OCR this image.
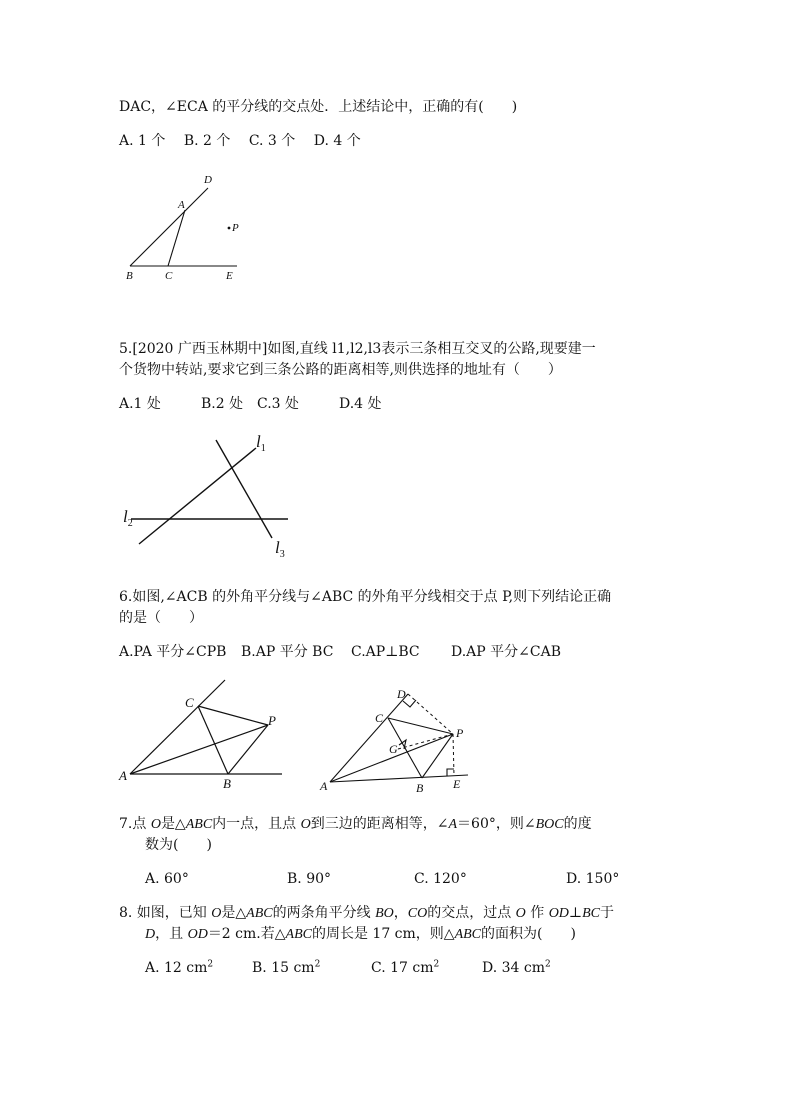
DAC，∠ECA 的平分线的交点处．上述结论中，正确的有(　　)
A. 1 个　 B. 2 个　 C. 3 个　 D. 4 个
D
A
P
B	C	E
5.[2020 广西玉林期中]如图,直线 l1,l2,l3表示三条相互交叉的公路,现要建一
个货物中转站,要求它到三条公路的距离相等,则供选择的地址有（　　）
A.1 处	B.2 处 C.3 处	D.4 处
$l_1$
$l_2$
$l_3$
6.如图,∠ACB 的外角平分线与∠ABC 的外角平分线相交于点 P,则下列结论正确
的是（　　）
A.PA 平分∠CPB B.AP 平分 BC C.AP⊥BC D.AP 平分∠CAB
C
P
A
B
D
C
P
G
A	B E
7.点 O是△ABC内一点，且点 O到三边的距离相等，∠A＝60°，则∠BOC的度
数为(　　)
A. 60°	B. 90°	C. 120°	D. 150°
8. 如图，已知 O是△ABC的两条角平分线 BO，CO的交点，过点 O 作 OD⊥BC于
D，且 OD＝2 cm.若△ABC的周长是 17 cm，则△ABC的面积为(　　)
A. 12 $cm^2$	B. 15 $cm^2$	C. 17 $cm^2$	D. 34 $cm^2$
